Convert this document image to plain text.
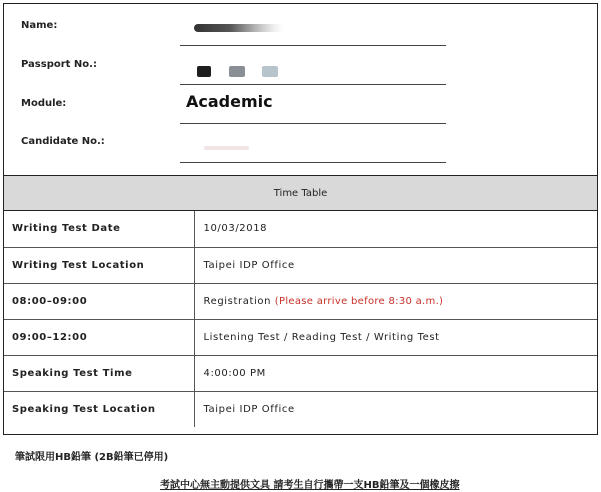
Name:
Passport No.:
Module:	Academic
Candidate No.:
Time Table
Writing Test Date	10/03/2018
Writing Test Location	Taipei IDP Office
08:00–09:00	Registration (Please arrive before 8:30 a.m.)
09:00–12:00	Listening Test / Reading Test / Writing Test
Speaking Test Time	4:00:00 PM
Speaking Test Location	Taipei IDP Office
筆試限用HB鉛筆 (2B鉛筆已停用)
考試中心無主動提供文具 請考生自行攜帶一支HB鉛筆及一個橡皮擦
